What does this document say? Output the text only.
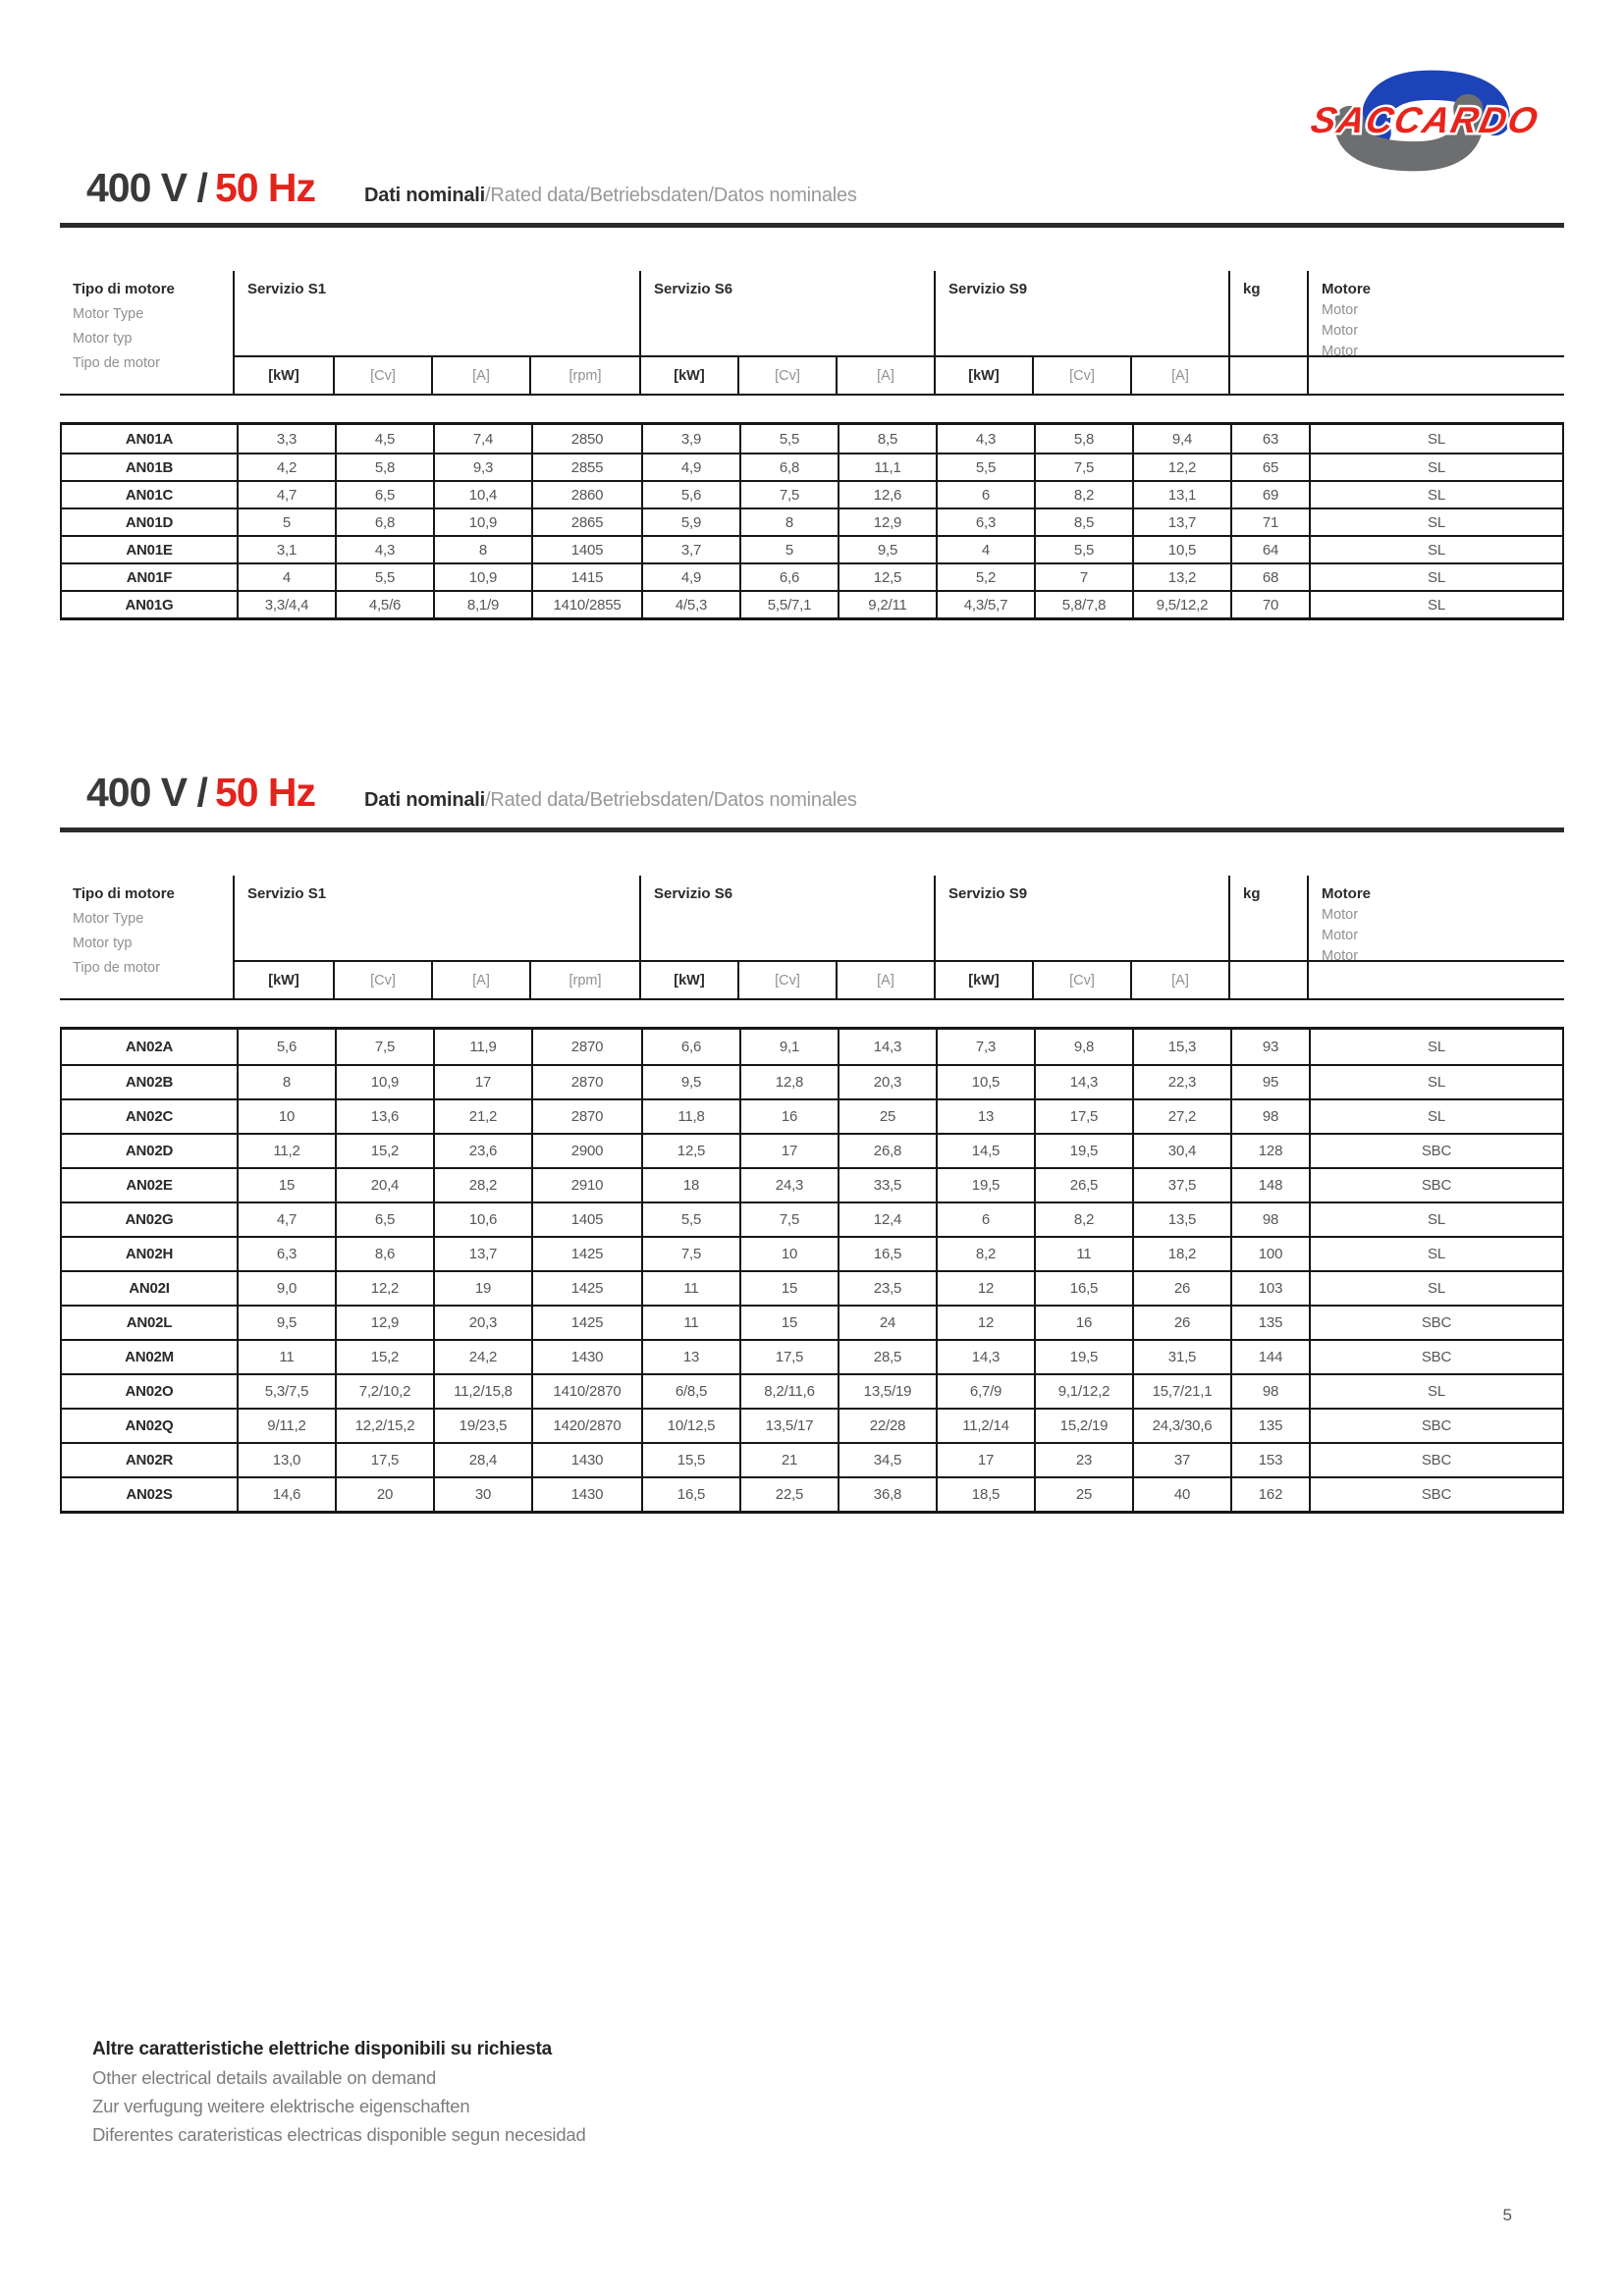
SACCARDO
400 V / 50 Hz	Dati nominali/Rated data/Betriebsdaten/Datos nominales
Tipo di motore
Motor Type
Motor typ
Tipo de motor
Servizio S1	Servizio S6	Servizio S9	kg	Motore
Motor
Motor
Motor
[kW]	[Cv]	[A]	[rpm]	[kW]	[Cv]	[A]	[kW]	[Cv]	[A]
AN01A	3,3	4,5	7,4	2850	3,9	5,5	8,5	4,3	5,8	9,4	63	SL
AN01B	4,2	5,8	9,3	2855	4,9	6,8	11,1	5,5	7,5	12,2	65	SL
AN01C	4,7	6,5	10,4	2860	5,6	7,5	12,6	6	8,2	13,1	69	SL
AN01D	5	6,8	10,9	2865	5,9	8	12,9	6,3	8,5	13,7	71	SL
AN01E	3,1	4,3	8	1405	3,7	5	9,5	4	5,5	10,5	64	SL
AN01F	4	5,5	10,9	1415	4,9	6,6	12,5	5,2	7	13,2	68	SL
AN01G	3,3/4,4	4,5/6	8,1/9	1410/2855	4/5,3	5,5/7,1	9,2/11	4,3/5,7	5,8/7,8	9,5/12,2	70	SL
400 V / 50 Hz	Dati nominali/Rated data/Betriebsdaten/Datos nominales
Tipo di motore
Motor Type
Motor typ
Tipo de motor
Servizio S1	Servizio S6	Servizio S9	kg	Motore
Motor
Motor
Motor
[kW]	[Cv]	[A]	[rpm]	[kW]	[Cv]	[A]	[kW]	[Cv]	[A]
AN02A	5,6	7,5	11,9	2870	6,6	9,1	14,3	7,3	9,8	15,3	93	SL
AN02B	8	10,9	17	2870	9,5	12,8	20,3	10,5	14,3	22,3	95	SL
AN02C	10	13,6	21,2	2870	11,8	16	25	13	17,5	27,2	98	SL
AN02D	11,2	15,2	23,6	2900	12,5	17	26,8	14,5	19,5	30,4	128	SBC
AN02E	15	20,4	28,2	2910	18	24,3	33,5	19,5	26,5	37,5	148	SBC
AN02G	4,7	6,5	10,6	1405	5,5	7,5	12,4	6	8,2	13,5	98	SL
AN02H	6,3	8,6	13,7	1425	7,5	10	16,5	8,2	11	18,2	100	SL
AN02I	9,0	12,2	19	1425	11	15	23,5	12	16,5	26	103	SL
AN02L	9,5	12,9	20,3	1425	11	15	24	12	16	26	135	SBC
AN02M	11	15,2	24,2	1430	13	17,5	28,5	14,3	19,5	31,5	144	SBC
AN02O	5,3/7,5	7,2/10,2	11,2/15,8	1410/2870	6/8,5	8,2/11,6	13,5/19	6,7/9	9,1/12,2	15,7/21,1	98	SL
AN02Q	9/11,2	12,2/15,2	19/23,5	1420/2870	10/12,5	13,5/17	22/28	11,2/14	15,2/19	24,3/30,6	135	SBC
AN02R	13,0	17,5	28,4	1430	15,5	21	34,5	17	23	37	153	SBC
AN02S	14,6	20	30	1430	16,5	22,5	36,8	18,5	25	40	162	SBC
Altre caratteristiche elettriche disponibili su richiesta
Other electrical details available on demand
Zur verfugung weitere elektrische eigenschaften
Diferentes carateristicas electricas disponible segun necesidad
5
